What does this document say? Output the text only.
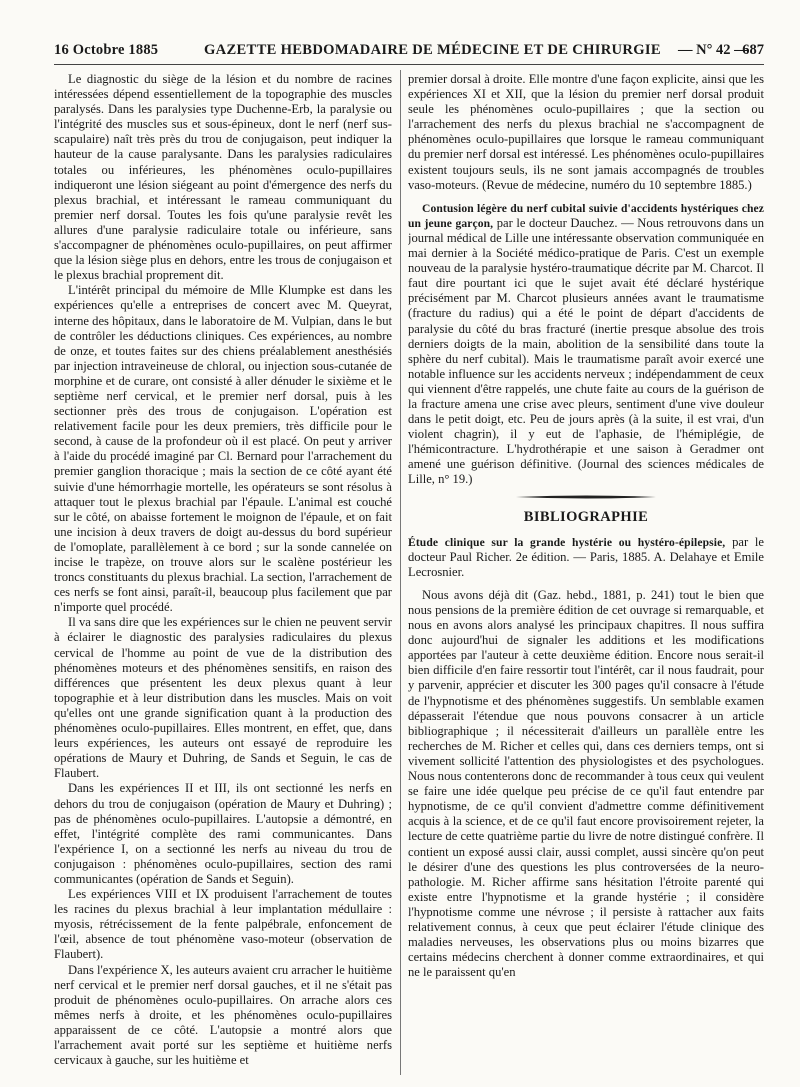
16 Octobre 1885	GAZETTE HEBDOMADAIRE DE MÉDECINE ET DE CHIRURGIE — N° 42 —
687

Le diagnostic du siège de la lésion et du nombre de racines intéressées dépend essentiellement de la topographie des muscles paralysés. Dans les paralysies type Duchenne-Erb, la paralysie ou l'intégrité des muscles sus et sous-épineux, dont le nerf (nerf sus-scapulaire) naît très près du trou de conjugaison, peut indiquer la hauteur de la cause paralysante. Dans les paralysies radiculaires totales ou inférieures, les phénomènes oculo-pupillaires indiqueront une lésion siégeant au point d'émergence des nerfs du plexus brachial, et intéressant le rameau communiquant du premier nerf dorsal. Toutes les fois qu'une paralysie revêt les allures d'une paralysie radiculaire totale ou inférieure, sans s'accompagner de phénomènes oculo-pupillaires, on peut affirmer que la lésion siège plus en dehors, entre les trous de conjugaison et le plexus brachial proprement dit.

L'intérêt principal du mémoire de Mlle Klumpke est dans les expériences qu'elle a entreprises de concert avec M. Queyrat, interne des hôpitaux, dans le laboratoire de M. Vulpian, dans le but de contrôler les déductions cliniques. Ces expériences, au nombre de onze, et toutes faites sur des chiens préalablement anesthésiés par injection intraveineuse de chloral, ou injection sous-cutanée de morphine et de curare, ont consisté à aller dénuder le sixième et le septième nerf cervical, et le premier nerf dorsal, puis à les sectionner près des trous de conjugaison. L'opération est relativement facile pour les deux premiers, très difficile pour le second, à cause de la profondeur où il est placé. On peut y arriver à l'aide du procédé imaginé par Cl. Bernard pour l'arrachement du premier ganglion thoracique ; mais la section de ce côté ayant été suivie d'une hémorrhagie mortelle, les opérateurs se sont résolus à attaquer tout le plexus brachial par l'épaule. L'animal est couché sur le côté, on abaisse fortement le moignon de l'épaule, et on fait une incision à deux travers de doigt au-dessus du bord supérieur de l'omoplate, parallèlement à ce bord ; sur la sonde cannelée on incise le trapèze, on trouve alors sur le scalène postérieur les troncs constituants du plexus brachial. La section, l'arrachement de ces nerfs se font ainsi, paraît-il, beaucoup plus facilement que par n'importe quel procédé.

Il va sans dire que les expériences sur le chien ne peuvent servir à éclairer le diagnostic des paralysies radiculaires du plexus cervical de l'homme au point de vue de la distribution des phénomènes moteurs et des phénomènes sensitifs, en raison des différences que présentent les deux plexus quant à leur topographie et à leur distribution dans les muscles. Mais on voit qu'elles ont une grande signification quant à la production des phénomènes oculo-pupillaires. Elles montrent, en effet, que, dans leurs expériences, les auteurs ont essayé de reproduire les opérations de Maury et Duhring, de Sands et Seguin, le cas de Flaubert.

Dans les expériences II et III, ils ont sectionné les nerfs en dehors du trou de conjugaison (opération de Maury et Duhring) ; pas de phénomènes oculo-pupillaires. L'autopsie a démontré, en effet, l'intégrité complète des rami communicantes. Dans l'expérience I, on a sectionné les nerfs au niveau du trou de conjugaison : phénomènes oculo-pupillaires, section des rami communicantes (opération de Sands et Seguin).

Les expériences VIII et IX produisent l'arrachement de toutes les racines du plexus brachial à leur implantation médullaire : myosis, rétrécissement de la fente palpébrale, enfoncement de l'œil, absence de tout phénomène vaso-moteur (observation de Flaubert).

Dans l'expérience X, les auteurs avaient cru arracher le huitième nerf cervical et le premier nerf dorsal gauches, et il ne s'était pas produit de phénomènes oculo-pupillaires. On arrache alors ces mêmes nerfs à droite, et les phénomènes oculo-pupillaires apparaissent de ce côté. L'autopsie a montré alors que l'arrachement avait porté sur les septième et huitième nerfs cervicaux à gauche, sur les huitième et

premier dorsal à droite. Elle montre d'une façon explicite, ainsi que les expériences XI et XII, que la lésion du premier nerf dorsal produit seule les phénomènes oculo-pupillaires ; que la section ou l'arrachement des nerfs du plexus brachial ne s'accompagnent de phénomènes oculo-pupillaires que lorsque le rameau communiquant du premier nerf dorsal est intéressé. Les phénomènes oculo-pupillaires existent toujours seuls, ils ne sont jamais accompagnés de troubles vaso-moteurs. (Revue de médecine, numéro du 10 septembre 1885.)

Contusion légère du nerf cubital suivie d'accidents hystériques chez un jeune garçon, par le docteur Dauchez. — Nous retrouvons dans un journal médical de Lille une intéressante observation communiquée en mai dernier à la Société médico-pratique de Paris. C'est un exemple nouveau de la paralysie hystéro-traumatique décrite par M. Charcot. Il faut dire pourtant ici que le sujet avait été déclaré hystérique précisément par M. Charcot plusieurs années avant le traumatisme (fracture du radius) qui a été le point de départ d'accidents de paralysie du côté du bras fracturé (inertie presque absolue des trois derniers doigts de la main, abolition de la sensibilité dans toute la sphère du nerf cubital). Mais le traumatisme paraît avoir exercé une notable influence sur les accidents nerveux ; indépendamment de ceux qui viennent d'être rappelés, une chute faite au cours de la guérison de la fracture amena une crise avec pleurs, sentiment d'une vive douleur dans le petit doigt, etc. Peu de jours après (à la suite, il est vrai, d'un violent chagrin), il y eut de l'aphasie, de l'hémiplégie, de l'hémicontracture. L'hydrothérapie et une saison à Geradmer ont amené une guérison définitive. (Journal des sciences médicales de Lille, n° 19.)

BIBLIOGRAPHIE

Étude clinique sur la grande hystérie ou hystéro-épilepsie, par le docteur Paul Richer. 2e édition. — Paris, 1885. A. Delahaye et Emile Lecrosnier.

Nous avons déjà dit (Gaz. hebd., 1881, p. 241) tout le bien que nous pensions de la première édition de cet ouvrage si remarquable, et nous en avons alors analysé les principaux chapitres. Il nous suffira donc aujourd'hui de signaler les additions et les modifications apportées par l'auteur à cette deuxième édition. Encore nous serait-il bien difficile d'en faire ressortir tout l'intérêt, car il nous faudrait, pour y parvenir, apprécier et discuter les 300 pages qu'il consacre à l'étude de l'hypnotisme et des phénomènes suggestifs. Un semblable examen dépasserait l'étendue que nous pouvons consacrer à un article bibliographique ; il nécessiterait d'ailleurs un parallèle entre les recherches de M. Richer et celles qui, dans ces derniers temps, ont si vivement sollicité l'attention des physiologistes et des psychologues. Nous nous contenterons donc de recommander à tous ceux qui veulent se faire une idée quelque peu précise de ce qu'il faut entendre par hypnotisme, de ce qu'il convient d'admettre comme définitivement acquis à la science, et de ce qu'il faut encore provisoirement rejeter, la lecture de cette quatrième partie du livre de notre distingué confrère. Il contient un exposé aussi clair, aussi complet, aussi sincère qu'on peut le désirer d'une des questions les plus controversées de la neuro-pathologie. M. Richer affirme sans hésitation l'étroite parenté qui existe entre l'hypnotisme et la grande hystérie ; il considère l'hypnotisme comme une névrose ; il persiste à rattacher aux faits relativement connus, à ceux que peut éclairer l'étude clinique des maladies nerveuses, les observations plus ou moins bizarres que certains médecins cherchent à donner comme extraordinaires, et qui ne le paraissent qu'en
